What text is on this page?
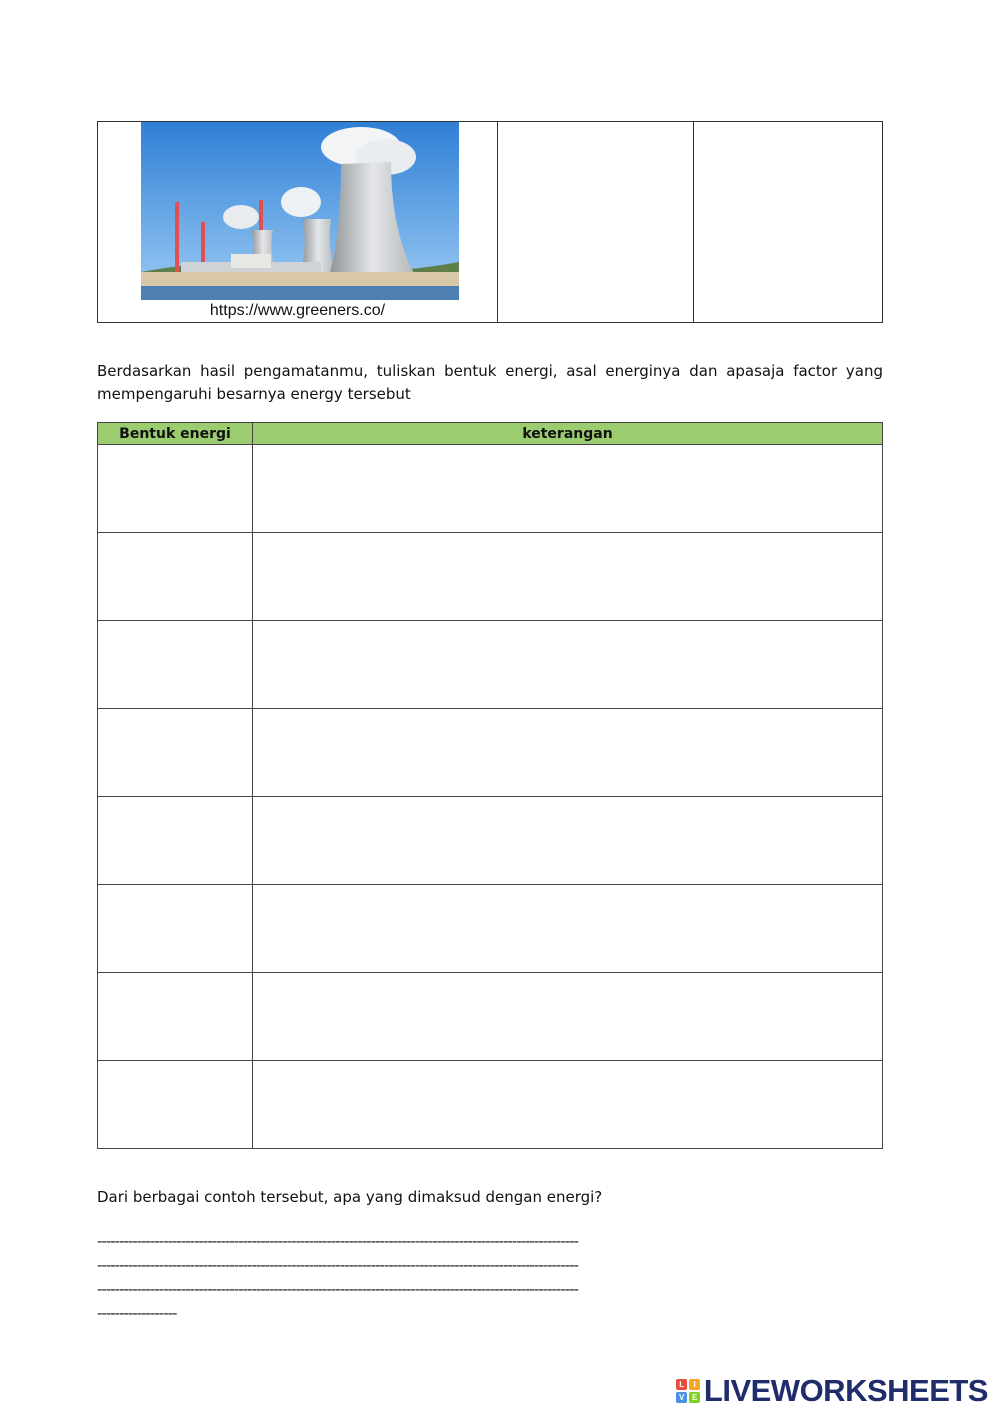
https://www.greeners.co/
Berdasarkan hasil pengamatanmu, tuliskan bentuk energi, asal energinya dan apasaja factor yang mempengaruhi besarnya energy tersebut
Bentuk energi	keterangan

Dari berbagai contoh tersebut, apa yang dimaksud dengan energi?
-------------------------------------------------------------------------------------------------------------
-------------------------------------------------------------------------------------------------------------
-------------------------------------------------------------------------------------------------------------
------------------
L	I
V	E LIVEWORKSHEETS
